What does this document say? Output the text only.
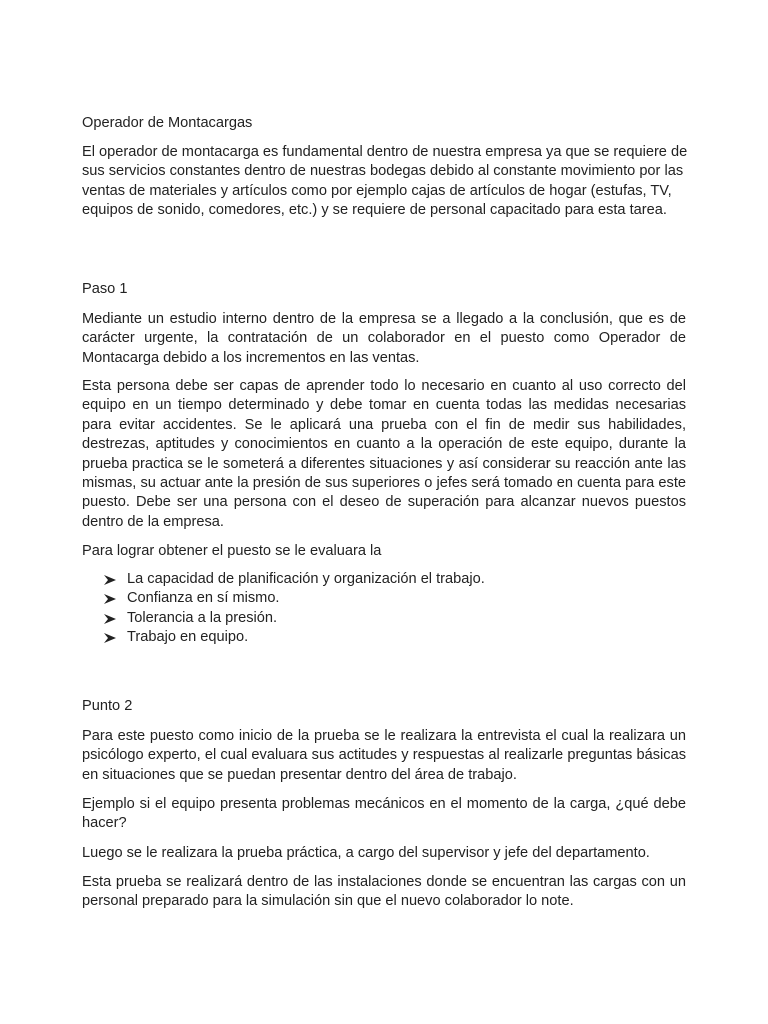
Operador de Montacargas

El operador de montacarga es fundamental dentro de nuestra empresa ya que se requiere de sus servicios constantes dentro de nuestras bodegas debido al constante movimiento por las ventas de materiales y artículos como por ejemplo cajas de artículos de hogar (estufas, TV, equipos de sonido, comedores, etc.) y se requiere de personal capacitado para esta tarea.

Paso 1

Mediante un estudio interno dentro de la empresa se a llegado a la conclusión, que es de carácter urgente, la contratación de un colaborador en el puesto como Operador de Montacarga debido a los incrementos en las ventas.

Esta persona debe ser capas de aprender todo lo necesario en cuanto al uso correcto del equipo en un tiempo determinado y debe tomar en cuenta todas las medidas necesarias para evitar accidentes. Se le aplicará una prueba con el fin de medir sus habilidades, destrezas, aptitudes y conocimientos en cuanto a la operación de este equipo, durante la prueba practica se le someterá a diferentes situaciones y así considerar su reacción ante las mismas, su actuar ante la presión de sus superiores o jefes será tomado en cuenta para este puesto. Debe ser una persona con el deseo de superación para alcanzar nuevos puestos dentro de la empresa.

Para lograr obtener el puesto se le evaluara la

La capacidad de planificación y organización el trabajo.
Confianza en sí mismo.
Tolerancia a la presión.
Trabajo en equipo.

Punto 2

Para este puesto como inicio de la prueba se le realizara la entrevista el cual la realizara un psicólogo experto, el cual evaluara sus actitudes y respuestas al realizarle preguntas básicas en situaciones que se puedan presentar dentro del área de trabajo.

Ejemplo si el equipo presenta problemas mecánicos en el momento de la carga, ¿qué debe hacer?

Luego se le realizara la prueba práctica, a cargo del supervisor y jefe del departamento.

Esta prueba se realizará dentro de las instalaciones donde se encuentran las cargas con un personal preparado para la simulación sin que el nuevo colaborador lo note.
